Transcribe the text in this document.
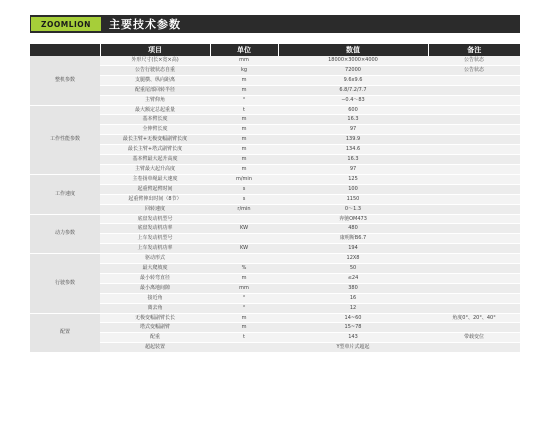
ZOOMLION	主要技术参数
	项目	单位	数值	备注
整机参数	外形尺寸(长×宽×高)	mm	18000×3000×4000	公告状态
	公告行驶状态自重	kg	72000	公告状态
	支腿横、纵向距离	m	9.6x9.6	
	配重尾部回转半径	m	6.8/7.2/7.7	
	主臂仰角	°	−0.4～83	
工作性能参数	最大额定总起重量	t	600	
	基本臂长度	m	16.3	
	全伸臂长度	m	97	
	最长主臂+无极变幅副臂长度	m	139.9	
	最长主臂+塔式副臂长度	m	134.6	
	基本臂最大起升高度	m	16.3	
	主臂最大起升高度	m	97	
工作速度	主卷扬单绳最大速度	m/min	125	
	起重臂起臂时间	s	100	
	起重臂伸出时间（8节）	s	1150	
	回转速度	r/min	0～1.3	
动力参数	底盘发动机型号		奔驰OM473	
	底盘发动机功率	KW	480	
	上车发动机型号		康明斯B6.7	
	上车发动机功率	KW	194	
行驶参数	驱动形式		12X8	
	最大爬坡度	%	50	
	最小转弯直径	m	≤24	
	最小离地间隙	mm	380	
	接近角	°	16	
	离去角	°	12	
配置	无极变幅副臂长长	m	14~60	角度0°、20°、40°
	塔式变幅副臂	m	15~78	
	配重	t	143	带载变位
	超起装置		Y型单片式超起	
